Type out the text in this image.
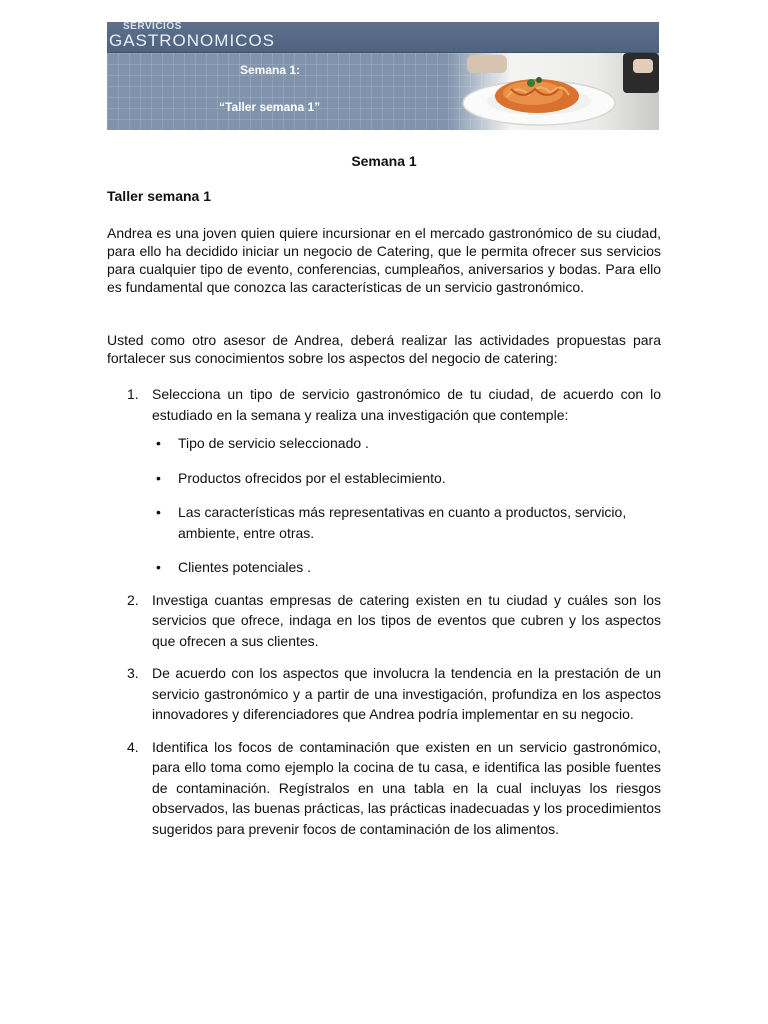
SERVICIOS
GASTRONOMICOS
Semana 1:
“Taller semana 1”
Semana 1
Taller semana 1

Andrea es una joven quien quiere incursionar en el mercado gastronómico de su ciudad, para ello ha decidido iniciar un negocio de Catering, que le permita ofrecer sus servicios para cualquier tipo de evento, conferencias, cumpleaños, aniversarios y bodas. Para ello es fundamental que conozca las características de un servicio gastronómico.

Usted como otro asesor de Andrea, deberá realizar las actividades propuestas para fortalecer sus conocimientos sobre los aspectos del negocio de catering:

1. Selecciona un tipo de servicio gastronómico de tu ciudad, de acuerdo con lo estudiado en la semana y realiza una investigación que contemple:
• Tipo de servicio seleccionado .
• Productos ofrecidos por el establecimiento.
• Las características más representativas en cuanto a productos, servicio, ambiente, entre otras.
• Clientes potenciales .
2. Investiga cuantas empresas de catering existen en tu ciudad y cuáles son los servicios que ofrece, indaga en los tipos de eventos que cubren y los aspectos que ofrecen a sus clientes.
3. De acuerdo con los aspectos que involucra la tendencia en la prestación de un servicio gastronómico y a partir de una investigación, profundiza en los aspectos innovadores y diferenciadores que Andrea podría implementar en su negocio.
4. Identifica los focos de contaminación que existen en un servicio gastronómico, para ello toma como ejemplo la cocina de tu casa, e identifica las posible fuentes de contaminación. Regístralos en una tabla en la cual incluyas los riesgos observados, las buenas prácticas, las prácticas inadecuadas y los procedimientos sugeridos para prevenir focos de contaminación de los alimentos.
